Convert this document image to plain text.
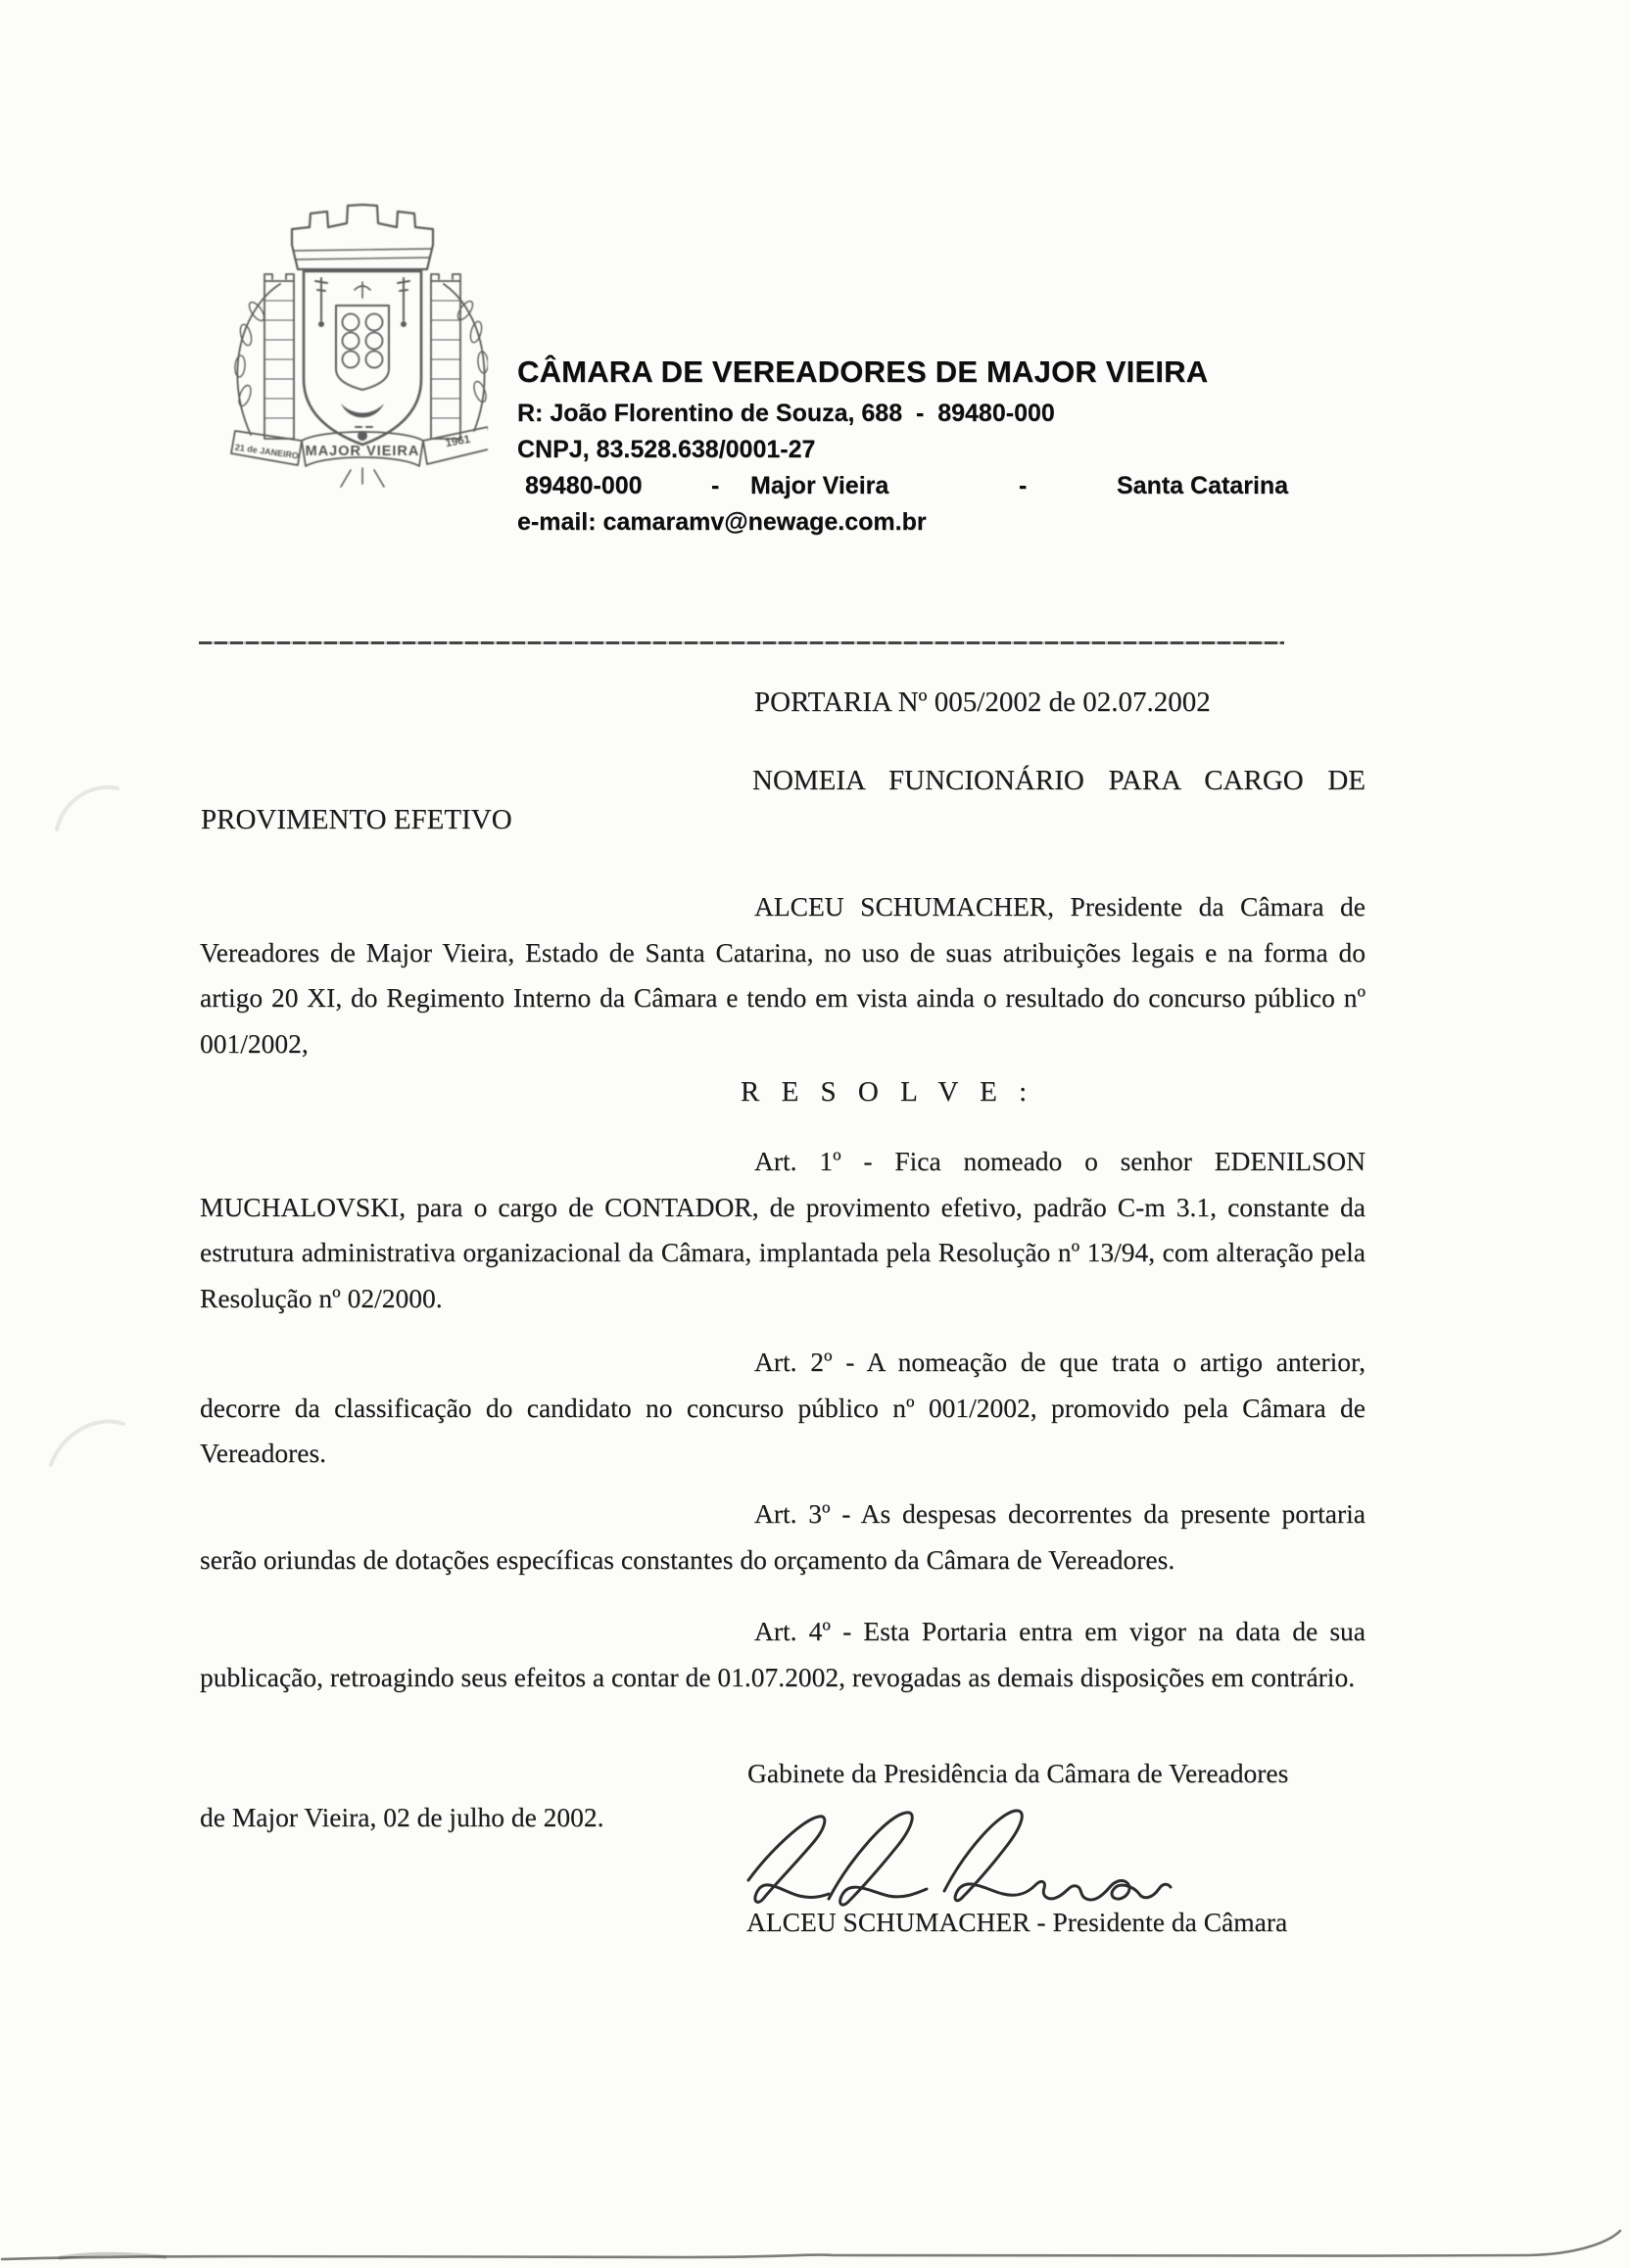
21 de JANEIRO MAJOR VIEIRA
1961
CÂMARA DE VEREADORES DE MAJOR VIEIRA
R: João Florentino de Souza, 688  -  89480-000
CNPJ, 83.528.638/0001-27

89480-000

	-

Major Vieira

	-

	Santa Catarina

e-mail: camaramv@newage.com.br
PORTARIA Nº 005/2002 de 02.07.2002
NOMEIA FUNCIONÁRIO PARA CARGO DE
PROVIMENTO EFETIVO
ALCEU SCHUMACHER, Presidente da Câmara de Vereadores de Major Vieira, Estado de Santa Catarina, no uso de suas atribuições legais e na forma do artigo 20 XI, do Regimento Interno da Câmara e tendo em vista ainda o resultado do concurso público nº 001/2002,
R E S O L V E :
Art. 1º - Fica nomeado o senhor EDENILSON MUCHALOVSKI, para o cargo de CONTADOR, de provimento efetivo, padrão C-m 3.1, constante da estrutura administrativa organizacional da Câmara, implantada pela Resolução nº 13/94, com alteração pela Resolução nº 02/2000.
Art. 2º - A nomeação de que trata o artigo anterior, decorre da classificação do candidato no concurso público nº 001/2002, promovido pela Câmara de Vereadores.
Art. 3º - As despesas decorrentes da presente portaria serão oriundas de dotações específicas constantes do orçamento da Câmara de Vereadores.
Art. 4º - Esta Portaria entra em vigor na data de sua publicação, retroagindo seus efeitos a contar de 01.07.2002, revogadas as demais disposições em contrário.
Gabinete da Presidência da Câmara de Vereadores
de Major Vieira, 02 de julho de 2002.
ALCEU SCHUMACHER - Presidente da Câmara
